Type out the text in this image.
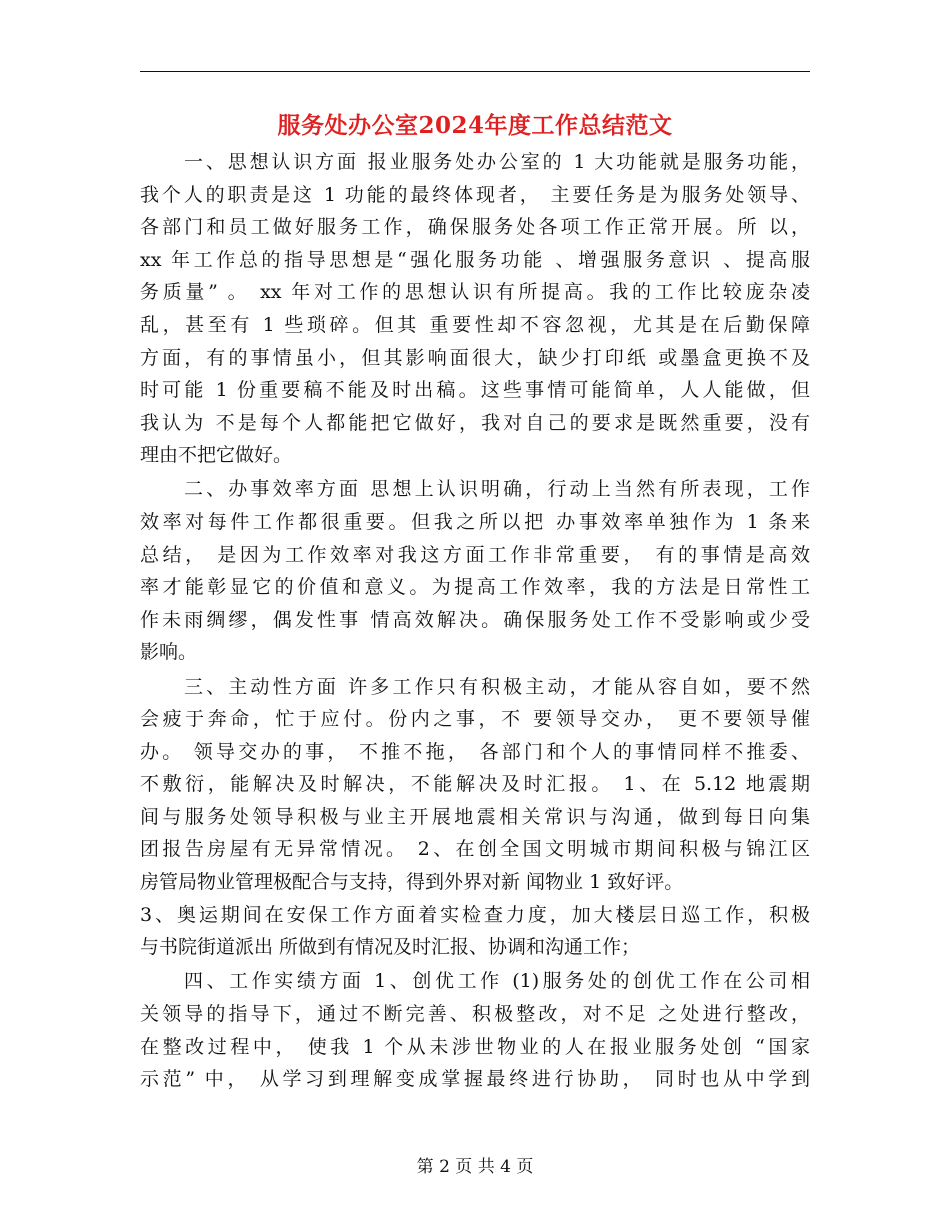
服务处办公室2024年度工作总结范文
一、思想认识方面 报业服务处办公室的 1 大功能就是服务功能，
我个人的职责是这 1 功能的最终体现者， 主要任务是为服务处领导、
各部门和员工做好服务工作，确保服务处各项工作正常开展。所 以，
xx 年工作总的指导思想是“强化服务功能 、增强服务意识 、提高服
务质量” 。 xx 年对工作的思想认识有所提高。我的工作比较庞杂凌
乱，甚至有 1 些琐碎。但其 重要性却不容忽视，尤其是在后勤保障
方面，有的事情虽小，但其影响面很大，缺少打印纸 或墨盒更换不及
时可能 1 份重要稿不能及时出稿。这些事情可能简单，人人能做，但
我认为 不是每个人都能把它做好，我对自己的要求是既然重要，没有
理由不把它做好。
二、办事效率方面 思想上认识明确，行动上当然有所表现，工作
效率对每件工作都很重要。但我之所以把 办事效率单独作为 1 条来
总结， 是因为工作效率对我这方面工作非常重要， 有的事情是高效
率才能彰显它的价值和意义。为提高工作效率，我的方法是日常性工
作未雨绸缪，偶发性事 情高效解决。确保服务处工作不受影响或少受
影响。
三、主动性方面 许多工作只有积极主动，才能从容自如，要不然
会疲于奔命，忙于应付。份内之事，不 要领导交办， 更不要领导催
办。 领导交办的事， 不推不拖， 各部门和个人的事情同样不推委、
不敷衍，能解决及时解决，不能解决及时汇报。 1、在 5.12 地震期
间与服务处领导积极与业主开展地震相关常识与沟通，做到每日向集
团报告房屋有无异常情况。 2、在创全国文明城市期间积极与锦江区
房管局物业管理极配合与支持，得到外界对新 闻物业 1 致好评。
3、奥运期间在安保工作方面着实检查力度，加大楼层日巡工作，积极
与书院街道派出 所做到有情况及时汇报、协调和沟通工作；
四、工作实绩方面 1、创优工作 (1)服务处的创优工作在公司相
关领导的指导下，通过不断完善、积极整改，对不足 之处进行整改，
在整改过程中， 使我 1 个从未涉世物业的人在报业服务处创 “国家
示范” 中， 从学习到理解变成掌握最终进行协助， 同时也从中学到
第 2 页 共 4 页
